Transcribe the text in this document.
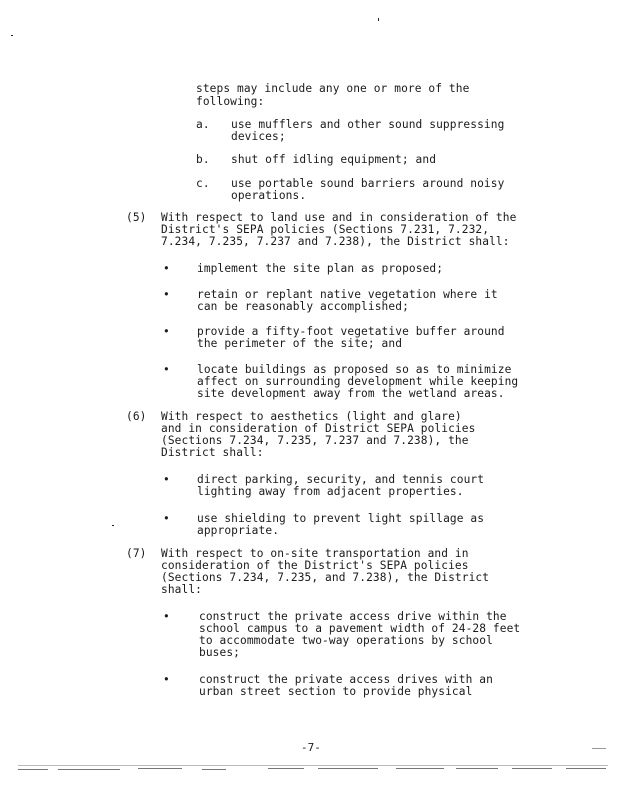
steps may include any one or more of the
following:
a. use mufflers and other sound suppressing
devices;
b. shut off idling equipment; and
c. use portable sound barriers around noisy
operations.
(5) With respect to land use and in consideration of the
District's SEPA policies (Sections 7.231, 7.232,
7.234, 7.235, 7.237 and 7.238), the District shall:
• implement the site plan as proposed;
• retain or replant native vegetation where it
can be reasonably accomplished;
• provide a fifty-foot vegetative buffer around
the perimeter of the site; and
• locate buildings as proposed so as to minimize
affect on surrounding development while keeping
site development away from the wetland areas.
(6) With respect to aesthetics (light and glare)
and in consideration of District SEPA policies
(Sections 7.234, 7.235, 7.237 and 7.238), the
District shall:
• direct parking, security, and tennis court
lighting away from adjacent properties.
• use shielding to prevent light spillage as
appropriate.
(7) With respect to on-site transportation and in
consideration of the District's SEPA policies
(Sections 7.234, 7.235, and 7.238), the District
shall:
•	construct the private access drive within the
school campus to a pavement width of 24-28 feet
to accommodate two-way operations by school
buses;
•	construct the private access drives with an
urban street section to provide physical
-7-
